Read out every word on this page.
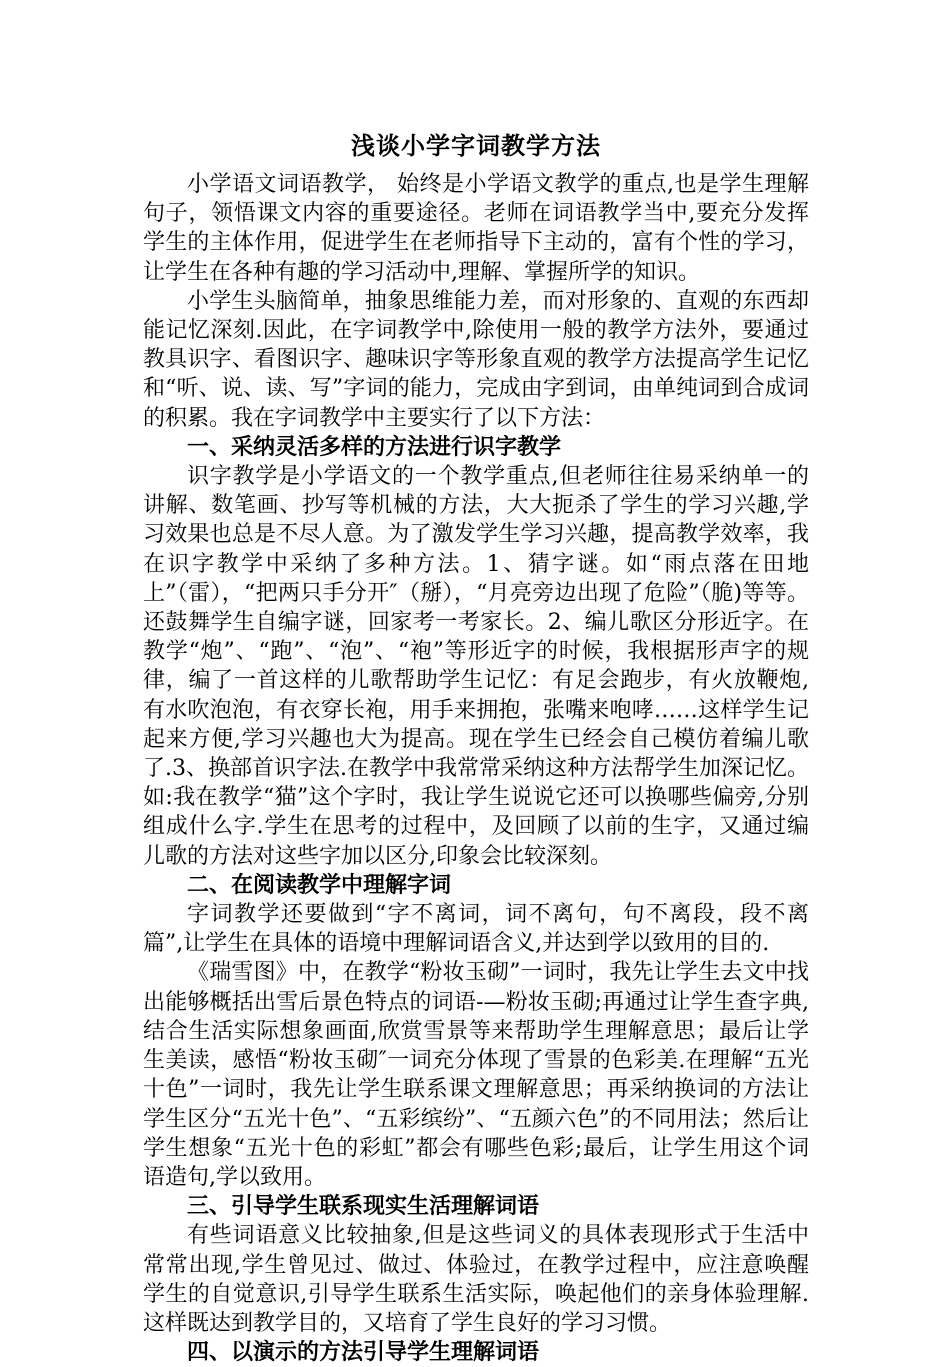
浅谈小学字词教学方法

小学语文词语教学， 始终是小学语文教学的重点,也是学生理解句子，领悟课文内容的重要途径。老师在词语教学当中,要充分发挥学生的主体作用，促进学生在老师指导下主动的，富有个性的学习，让学生在各种有趣的学习活动中,理解、掌握所学的知识。

小学生头脑简单，抽象思维能力差，而对形象的、直观的东西却能记忆深刻.因此，在字词教学中,除使用一般的教学方法外，要通过教具识字、看图识字、趣味识字等形象直观的教学方法提高学生记忆和“听、说、读、写”字词的能力，完成由字到词，由单纯词到合成词的积累。我在字词教学中主要实行了以下方法：

一、采纳灵活多样的方法进行识字教学

识字教学是小学语文的一个教学重点,但老师往往易采纳单一的讲解、数笔画、抄写等机械的方法，大大扼杀了学生的学习兴趣,学习效果也总是不尽人意。为了激发学生学习兴趣，提高教学效率，我在识字教学中采纳了多种方法。1、猜字谜。如“雨点落在田地上”（雷），“把两只手分开″（掰），“月亮旁边出现了危险”（脆)等等。还鼓舞学生自编字谜，回家考一考家长。2、编儿歌区分形近字。在教学“炮”、“跑”、“泡”、“袍”等形近字的时候，我根据形声字的规律，编了一首这样的儿歌帮助学生记忆：有足会跑步，有火放鞭炮,有水吹泡泡，有衣穿长袍，用手来拥抱，张嘴来咆哮……这样学生记起来方便,学习兴趣也大为提高。现在学生已经会自己模仿着编儿歌了.3、换部首识字法.在教学中我常常采纳这种方法帮学生加深记忆。如:我在教学“猫”这个字时，我让学生说说它还可以换哪些偏旁,分别组成什么字.学生在思考的过程中，及回顾了以前的生字，又通过编儿歌的方法对这些字加以区分,印象会比较深刻。

二、在阅读教学中理解字词

字词教学还要做到“字不离词，词不离句，句不离段，段不离篇”,让学生在具体的语境中理解词语含义,并达到学以致用的目的.

《瑞雪图》中，在教学“粉妆玉砌”一词时，我先让学生去文中找出能够概括出雪后景色特点的词语-—粉妆玉砌;再通过让学生查字典,结合生活实际想象画面,欣赏雪景等来帮助学生理解意思；最后让学生美读，感悟“粉妆玉砌″一词充分体现了雪景的色彩美.在理解“五光十色”一词时，我先让学生联系课文理解意思；再采纳换词的方法让学生区分“五光十色”、“五彩缤纷”、“五颜六色”的不同用法；然后让学生想象“五光十色的彩虹”都会有哪些色彩;最后，让学生用这个词语造句,学以致用。

三、引导学生联系现实生活理解词语

有些词语意义比较抽象,但是这些词义的具体表现形式于生活中常常出现,学生曾见过、做过、体验过，在教学过程中，应注意唤醒学生的自觉意识,引导学生联系生活实际，唤起他们的亲身体验理解.这样既达到教学目的，又培育了学生良好的学习习惯。

四、以演示的方法引导学生理解词语
